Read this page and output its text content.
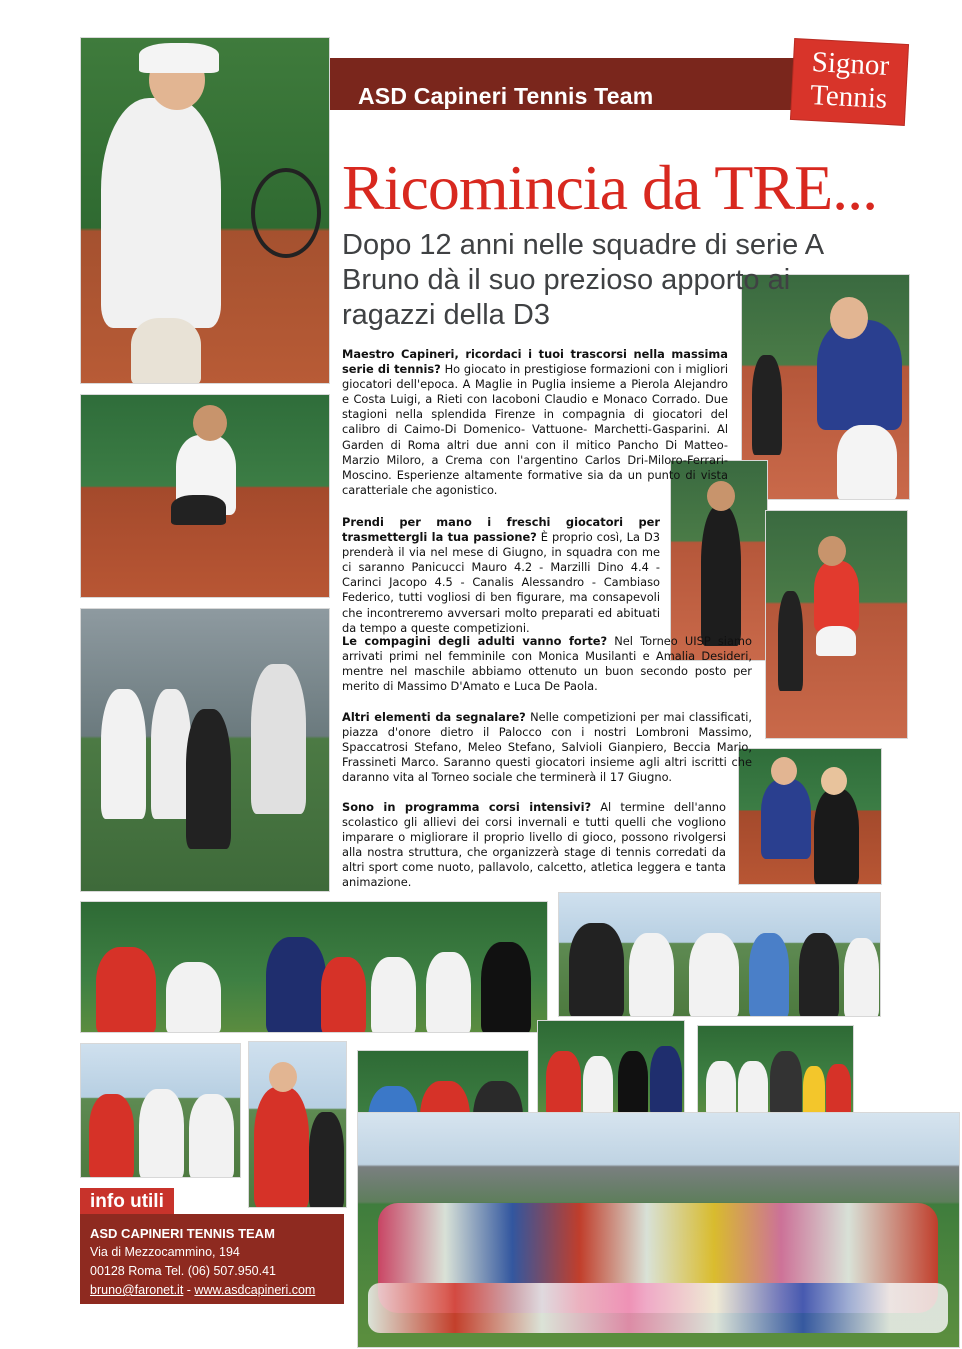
ASD Capineri Tennis Team
Signor
Tennis
Ricomincia da TRE...
Dopo 12 anni nelle squadre di serie A Bruno dà il suo prezioso apporto ai ragazzi della D3
Maestro Capineri, ricordaci i tuoi trascorsi nella massima serie di tennis? Ho giocato in prestigiose formazioni con i migliori giocatori dell'epoca. A Maglie in Puglia insieme a Pierola Alejandro e Costa Luigi, a Rieti con Iacoboni Claudio e Monaco Corrado. Due stagioni nella splendida Firenze in compagnia di giocatori del calibro di Caimo-Di Domenico- Vattuone- Marchetti-Gasparini. Al Garden di Roma altri due anni con il mitico Pancho Di Matteo-Marzio Miloro, a Crema con l'argentino Carlos Dri-Miloro-Ferrari-Moscino. Esperienze altamente formative sia da un punto di vista caratteriale che agonistico.
Prendi per mano i freschi giocatori per trasmettergli la tua passione? È proprio così, La D3 prenderà il via nel mese di Giugno, in squadra con me ci saranno Panicucci Mauro 4.2 - Marzilli Dino 4.4 - Carinci Jacopo 4.5 - Canalis Alessandro - Cambiaso Federico, tutti vogliosi di ben figurare, ma consapevoli che incontreremo avversari molto preparati ed abituati da tempo a queste competizioni.
Le compagini degli adulti vanno forte? Nel Torneo UISP siamo arrivati primi nel femminile con Monica Musilanti e Amalia Desideri, mentre nel maschile abbiamo ottenuto un buon secondo posto per merito di Massimo D'Amato e Luca De Paola.
Altri elementi da segnalare? Nelle competizioni per mai classificati, piazza d'onore dietro il Palocco con i nostri Lombroni Massimo, Spaccatrosi Stefano, Meleo Stefano, Salvioli Gianpiero, Beccia Mario, Frassineti Marco. Saranno questi giocatori insieme agli altri iscritti che daranno vita al Torneo sociale che terminerà il 17 Giugno.
Sono in programma corsi intensivi? Al termine dell'anno scolastico gli allievi dei corsi invernali e tutti quelli che vogliono imparare o migliorare il proprio livello di gioco, possono rivolgersi alla nostra struttura, che organizzerà stage di tennis corredati da altri sport come nuoto, pallavolo, calcetto, atletica leggera e tanta animazione.
info utili
ASD CAPINERI TENNIS TEAM
Via di Mezzocammino, 194
00128 Roma Tel. (06) 507.950.41
bruno@faronet.it - www.asdcapineri.com
